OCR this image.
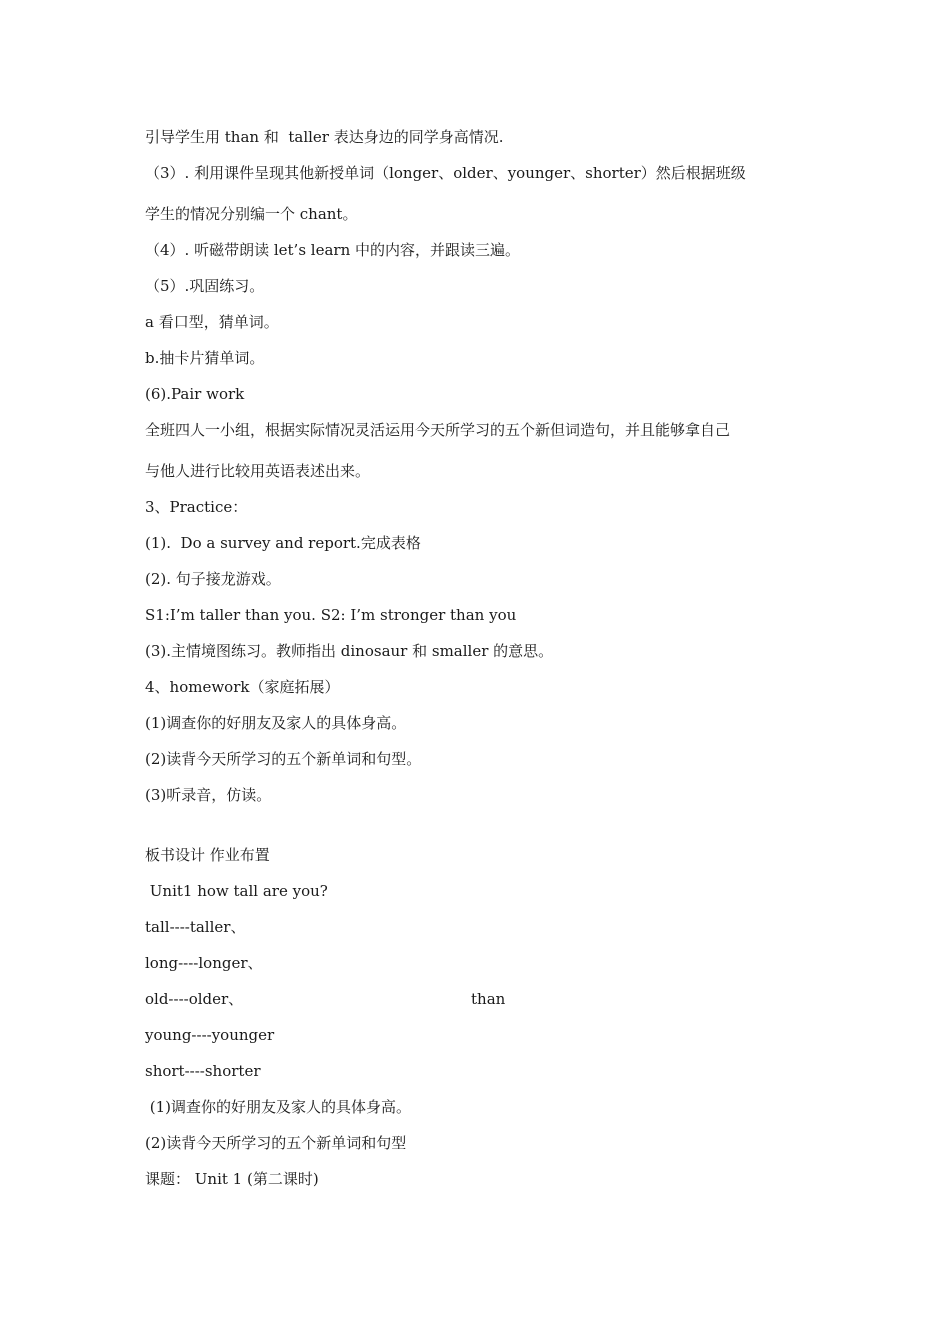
引导学生用 than 和  taller 表达身边的同学身高情况.
（3）. 利用课件呈现其他新授单词（longer、older、younger、shorter）然后根据班级
学生的情况分别编一个 chant。
（4）. 听磁带朗读 let’s learn 中的内容，并跟读三遍。
（5）.巩固练习。
a 看口型，猜单词。
b.抽卡片猜单词。
(6).Pair work
全班四人一小组，根据实际情况灵活运用今天所学习的五个新但词造句，并且能够拿自己
与他人进行比较用英语表述出来。
3、Practice：
(1).  Do a survey and report.完成表格
(2). 句子接龙游戏。
S1:I’m taller than you. S2: I’m stronger than you
(3).主情境图练习。教师指出 dinosaur 和 smaller 的意思。
4、homework（家庭拓展）
(1)调查你的好朋友及家人的具体身高。
(2)读背今天所学习的五个新单词和句型。
(3)听录音，仿读。
板书设计 作业布置
Unit1 how tall are you?
tall----taller、
long----longer、
old----older、	than
young----younger
short----shorter
(1)调查你的好朋友及家人的具体身高。
(2)读背今天所学习的五个新单词和句型
课题： Unit 1 (第二课时)
